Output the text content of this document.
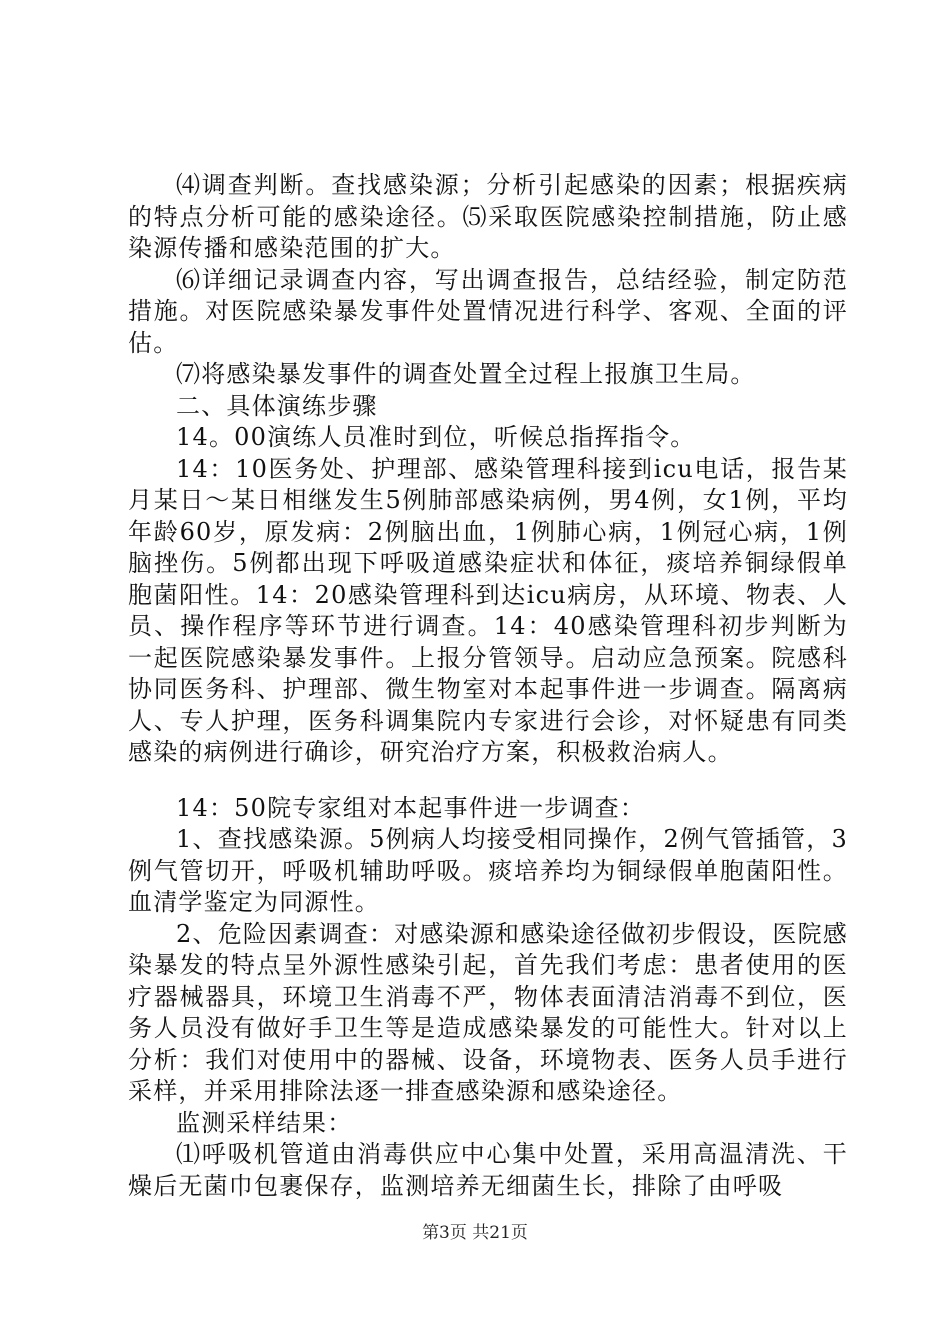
⑷调查判断。查找感染源；分析引起感染的因素；根据疾病的特点分析可能的感染途径。⑸采取医院感染控制措施，防止感染源传播和感染范围的扩大。

⑹详细记录调查内容，写出调查报告，总结经验，制定防范措施。对医院感染暴发事件处置情况进行科学、客观、全面的评估。

⑺将感染暴发事件的调查处置全过程上报旗卫生局。

二、具体演练步骤

14。00演练人员准时到位，听候总指挥指令。

14：10医务处、护理部、感染管理科接到icu电话，报告某月某日～某日相继发生5例肺部感染病例，男4例，女1例，平均年龄60岁，原发病：2例脑出血，1例肺心病，1例冠心病，1例脑挫伤。5例都出现下呼吸道感染症状和体征，痰培养铜绿假单胞菌阳性。14：20感染管理科到达icu病房，从环境、物表、人员、操作程序等环节进行调查。14：40感染管理科初步判断为一起医院感染暴发事件。上报分管领导。启动应急预案。院感科协同医务科、护理部、微生物室对本起事件进一步调查。隔离病人、专人护理，医务科调集院内专家进行会诊，对怀疑患有同类感染的病例进行确诊，研究治疗方案，积极救治病人。

14：50院专家组对本起事件进一步调查：

1、查找感染源。5例病人均接受相同操作，2例气管插管，3例气管切开，呼吸机辅助呼吸。痰培养均为铜绿假单胞菌阳性。血清学鉴定为同源性。

2、危险因素调查：对感染源和感染途径做初步假设，医院感染暴发的特点呈外源性感染引起，首先我们考虑：患者使用的医疗器械器具，环境卫生消毒不严，物体表面清洁消毒不到位，医务人员没有做好手卫生等是造成感染暴发的可能性大。针对以上分析：我们对使用中的器械、设备，环境物表、医务人员手进行采样，并采用排除法逐一排查感染源和感染途径。

监测采样结果：

⑴呼吸机管道由消毒供应中心集中处置，采用高温清洗、干燥后无菌巾包裹保存，监测培养无细菌生长，排除了由呼吸

第3页 共21页
